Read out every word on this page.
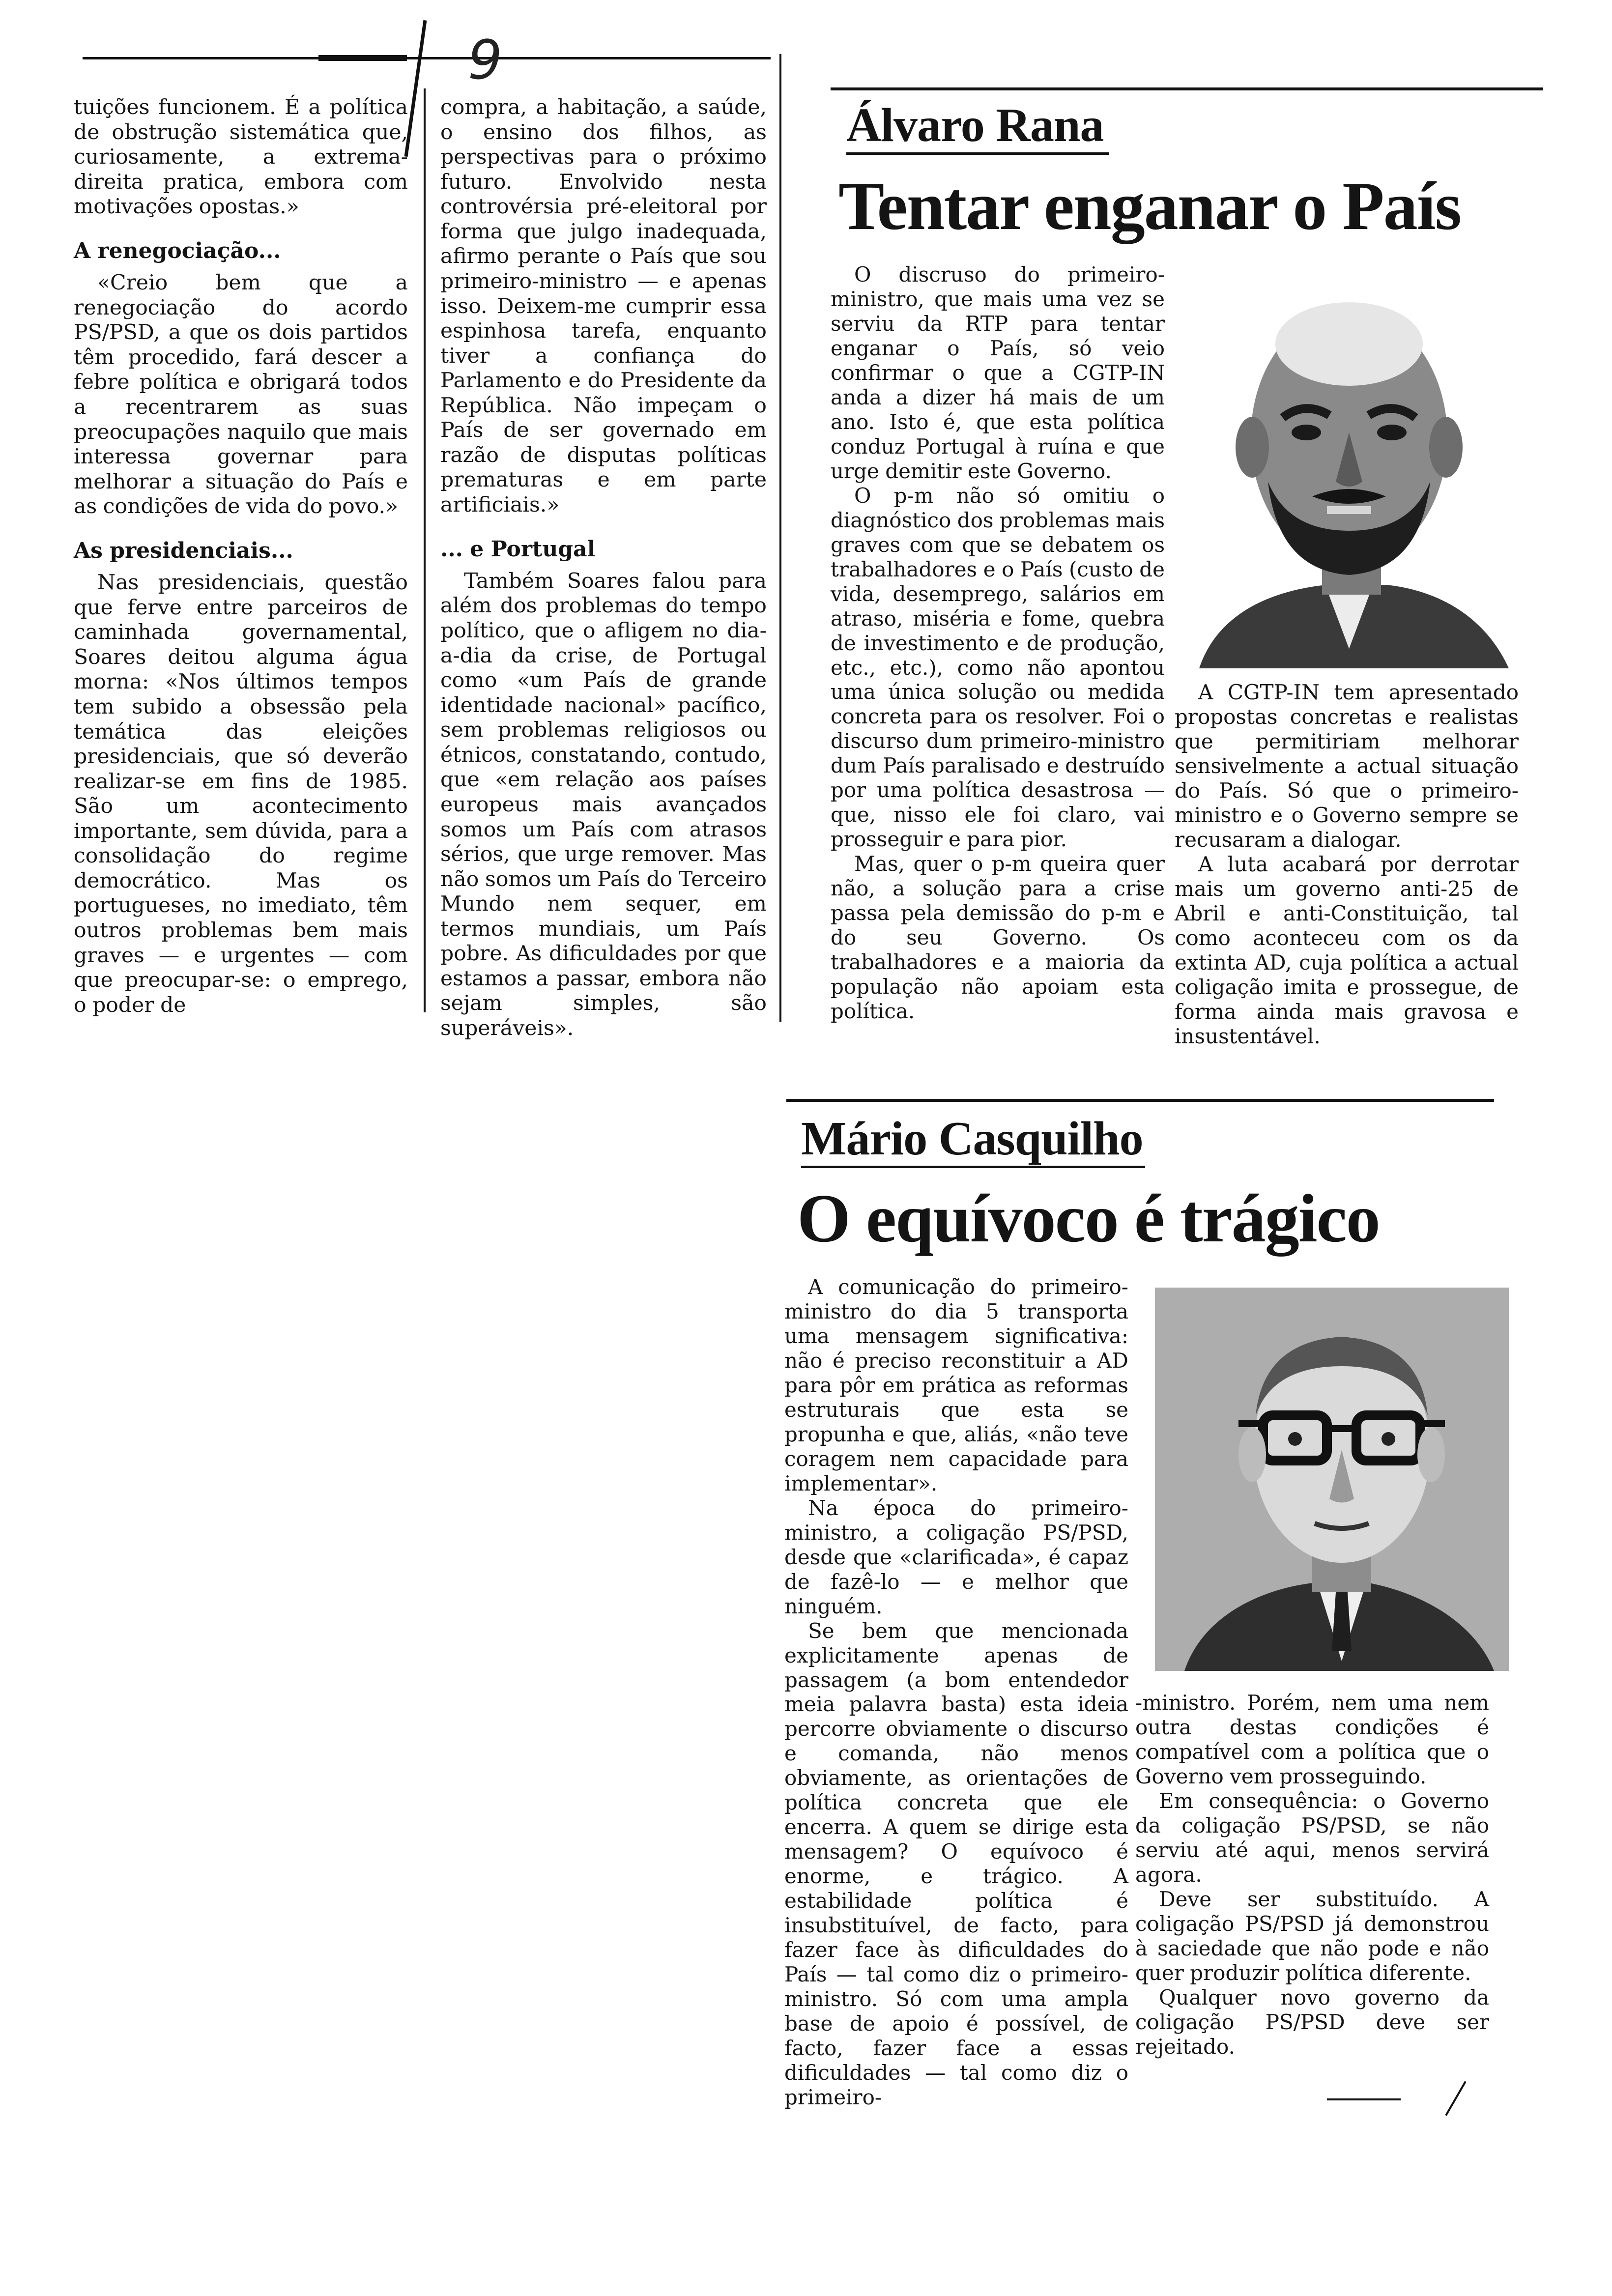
9

tuições funcionem. É a política de obstrução sistemática que, curiosamente, a extrema-direita pratica, embora com motivações opostas.»

A renegociação...

«Creio bem que a renegociação do acordo PS/PSD, a que os dois partidos têm procedido, fará descer a febre política e obrigará todos a recentrarem as suas preocupações naquilo que mais interessa governar para melhorar a situação do País e as condições de vida do povo.»

As presidenciais...

Nas presidenciais, questão que ferve entre parceiros de caminhada governamental, Soares deitou alguma água morna: «Nos últimos tempos tem subido a obsessão pela temática das eleições presidenciais, que só deverão realizar-se em fins de 1985. São um acontecimento importante, sem dúvida, para a consolidação do regime democrático. Mas os portugueses, no imediato, têm outros problemas bem mais graves — e urgentes — com que preocupar-se: o emprego, o poder de

compra, a habitação, a saúde, o ensino dos filhos, as perspectivas para o próximo futuro. Envolvido nesta controvérsia pré-eleitoral por forma que julgo inadequada, afirmo perante o País que sou primeiro-ministro — e apenas isso. Deixem-me cumprir essa espinhosa tarefa, enquanto tiver a confiança do Parlamento e do Presidente da República. Não impeçam o País de ser governado em razão de disputas políticas prematuras e em parte artificiais.»

... e Portugal

Também Soares falou para além dos problemas do tempo político, que o afligem no dia-a-dia da crise, de Portugal como «um País de grande identidade nacional» pacífico, sem problemas religiosos ou étnicos, constatando, contudo, que «em relação aos países europeus mais avançados somos um País com atrasos sérios, que urge remover. Mas não somos um País do Terceiro Mundo nem sequer, em termos mundiais, um País pobre. As dificuldades por que estamos a passar, embora não sejam simples, são superáveis».

Álvaro Rana
Tentar enganar o País

O discruso do primeiro-ministro, que mais uma vez se serviu da RTP para tentar enganar o País, só veio confirmar o que a CGTP-IN anda a dizer há mais de um ano. Isto é, que esta política conduz Portugal à ruína e que urge demitir este Governo.

O p-m não só omitiu o diagnóstico dos problemas mais graves com que se debatem os trabalhadores e o País (custo de vida, desemprego, salários em atraso, miséria e fome, quebra de investimento e de produção, etc., etc.), como não apontou uma única solução ou medida concreta para os resolver. Foi o discurso dum primeiro-ministro dum País paralisado e destruído por uma política desastrosa — que, nisso ele foi claro, vai prosseguir e para pior.

Mas, quer o p-m queira quer não, a solução para a crise passa pela demissão do p-m e do seu Governo. Os trabalhadores e a maioria da população não apoiam esta política.

A CGTP-IN tem apresentado propostas concretas e realistas que permitiriam melhorar sensivelmente a actual situação do País. Só que o primeiro-ministro e o Governo sempre se recusaram a dialogar.

A luta acabará por derrotar mais um governo anti-25 de Abril e anti-Constituição, tal como aconteceu com os da extinta AD, cuja política a actual coligação imita e prossegue, de forma ainda mais gravosa e insustentável.

Mário Casquilho
O equívoco é trágico

A comunicação do primeiro-ministro do dia 5 transporta uma mensagem significativa: não é preciso reconstituir a AD para pôr em prática as reformas estruturais que esta se propunha e que, aliás, «não teve coragem nem capacidade para implementar».

Na época do primeiro-ministro, a coligação PS/PSD, desde que «clarificada», é capaz de fazê-lo — e melhor que ninguém.

Se bem que mencionada explicitamente apenas de passagem (a bom entendedor meia palavra basta) esta ideia percorre obviamente o discurso e comanda, não menos obviamente, as orientações de política concreta que ele encerra. A quem se dirige esta mensagem? O equívoco é enorme, e trágico. A estabilidade política é insubstituível, de facto, para fazer face às dificuldades do País — tal como diz o primeiro-ministro. Só com uma ampla base de apoio é possível, de facto, fazer face a essas dificuldades — tal como diz o primeiro-

-ministro. Porém, nem uma nem outra destas condições é compatível com a política que o Governo vem prosseguindo.

Em consequência: o Governo da coligação PS/PSD, se não serviu até aqui, menos servirá agora.

Deve ser substituído. A coligação PS/PSD já demonstrou à saciedade que não pode e não quer produzir política diferente.

Qualquer novo governo da coligação PS/PSD deve ser rejeitado.
